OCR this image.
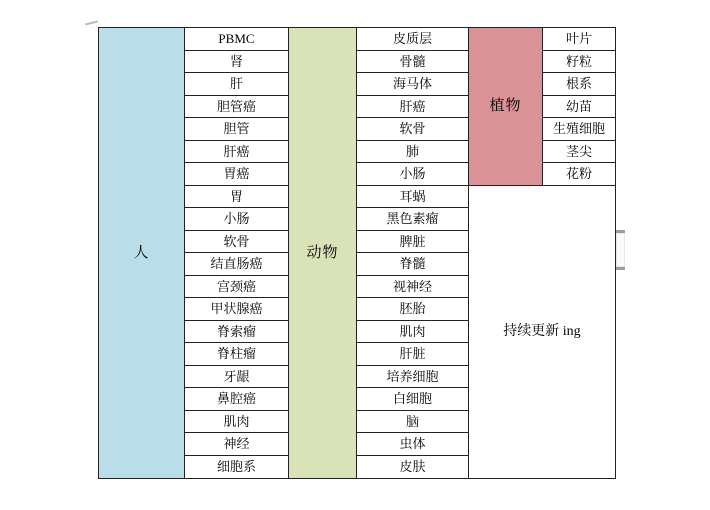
人	动物
植物
PBMC
肾
肝
胆管癌
胆管
肝癌
胃癌
胃
小肠
软骨
结直肠癌
宫颈癌
甲状腺癌
脊索瘤
脊柱瘤
牙龈
鼻腔癌
肌肉
神经
细胞系
皮质层
骨髓
海马体
肝癌
软骨
肺
小肠
耳蜗
黑色素瘤
脾脏
脊髓
视神经
胚胎
肌肉
肝脏
培养细胞
白细胞
脑
虫体
皮肤
叶片
籽粒
根系
幼苗
生殖细胞
茎尖
花粉
持续更新 ing
